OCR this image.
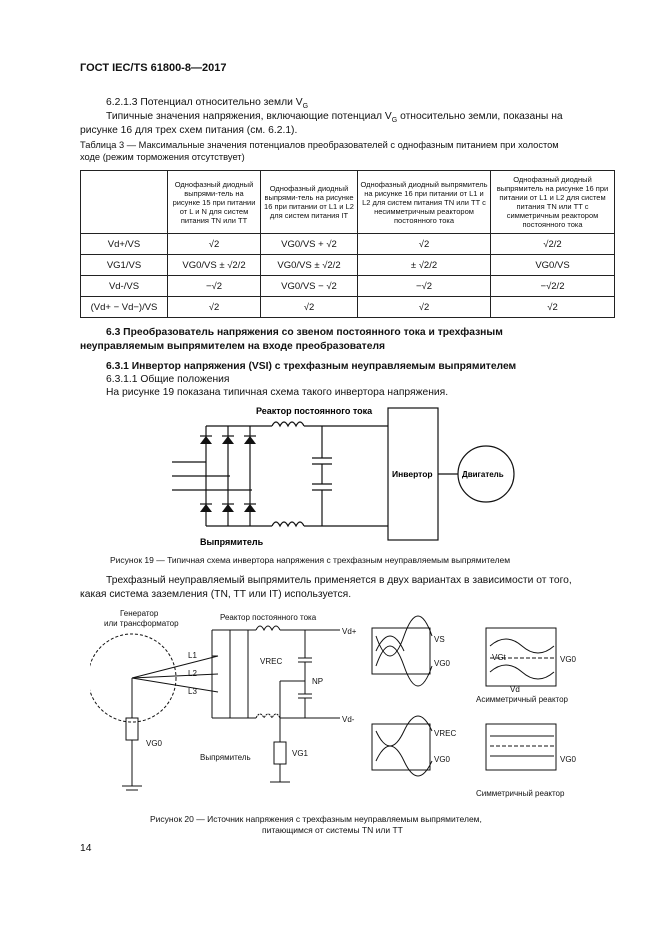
ГОСТ IEC/TS 61800-8—2017
6.2.1.3 Потенциал относительно земли $V_G$
Типичные значения напряжения, включающие потенциал $V_G$ относительно земли, показаны на
рисунке 16 для трех схем питания (см. 6.2.1).
Таблица 3 — Максимальные значения потенциалов преобразователей с однофазным питанием при холостом
ходе (режим торможения отсутствует)
	Однофазный диодный выпрями-тель на рисунке 15 при питании от L и N для систем питания TN или TT	Однофазный диодный выпрями-тель на рисунке 16 при питании от L1 и L2 для систем питания IT	Однофазный диодный выпрямитель на рисунке 16 при питании от L1 и L2 для систем питания TN или TT с несимметричным реактором постоянного тока	Однофазный диодный выпрямитель на рисунке 16 при питании от L1 и L2 для систем питания TN или TT с симметричным реактором постоянного тока
Vd+/VS	√2	VG0/VS + √2	√2	√2/2
VG1/VS	VG0/VS ± √2/2	VG0/VS ± √2/2	± √2/2	VG0/VS
Vd-/VS	−√2	VG0/VS − √2	−√2	−√2/2
(Vd+ − Vd−)/VS	√2	√2	√2	√2
6.3 Преобразователь напряжения со звеном постоянного тока и трехфазным
неуправляемым выпрямителем на входе преобразователя
6.3.1 Инвертор напряжения (VSI) с трехфазным неуправляемым выпрямителем
6.3.1.1 Общие положения
На рисунке 19 показана типичная схема такого инвертора напряжения.
Реактор постоянного тока
Инвертор	Двигатель
Выпрямитель
Рисунок 19 — Типичная схема инвертора напряжения с трехфазным неуправляемым выпрямителем
Трехфазный неуправляемый выпрямитель применяется в двух вариантах в зависимости от того,
какая система заземления (TN, TT или IT) используется.
Генератор
или трансформатор
Реактор постоянного тока
L1
L2
L3
Vd+
Vd-
VREC
NP
VG0
VG1
Выпрямитель
VS
VG0
VGt
Vd
VG0
VREC
VG0	VG0
Асимметричный реактор
Симметричный реактор
Рисунок 20 — Источник напряжения с трехфазным неуправляемым выпрямителем,
питающимся от системы TN или TT
14
